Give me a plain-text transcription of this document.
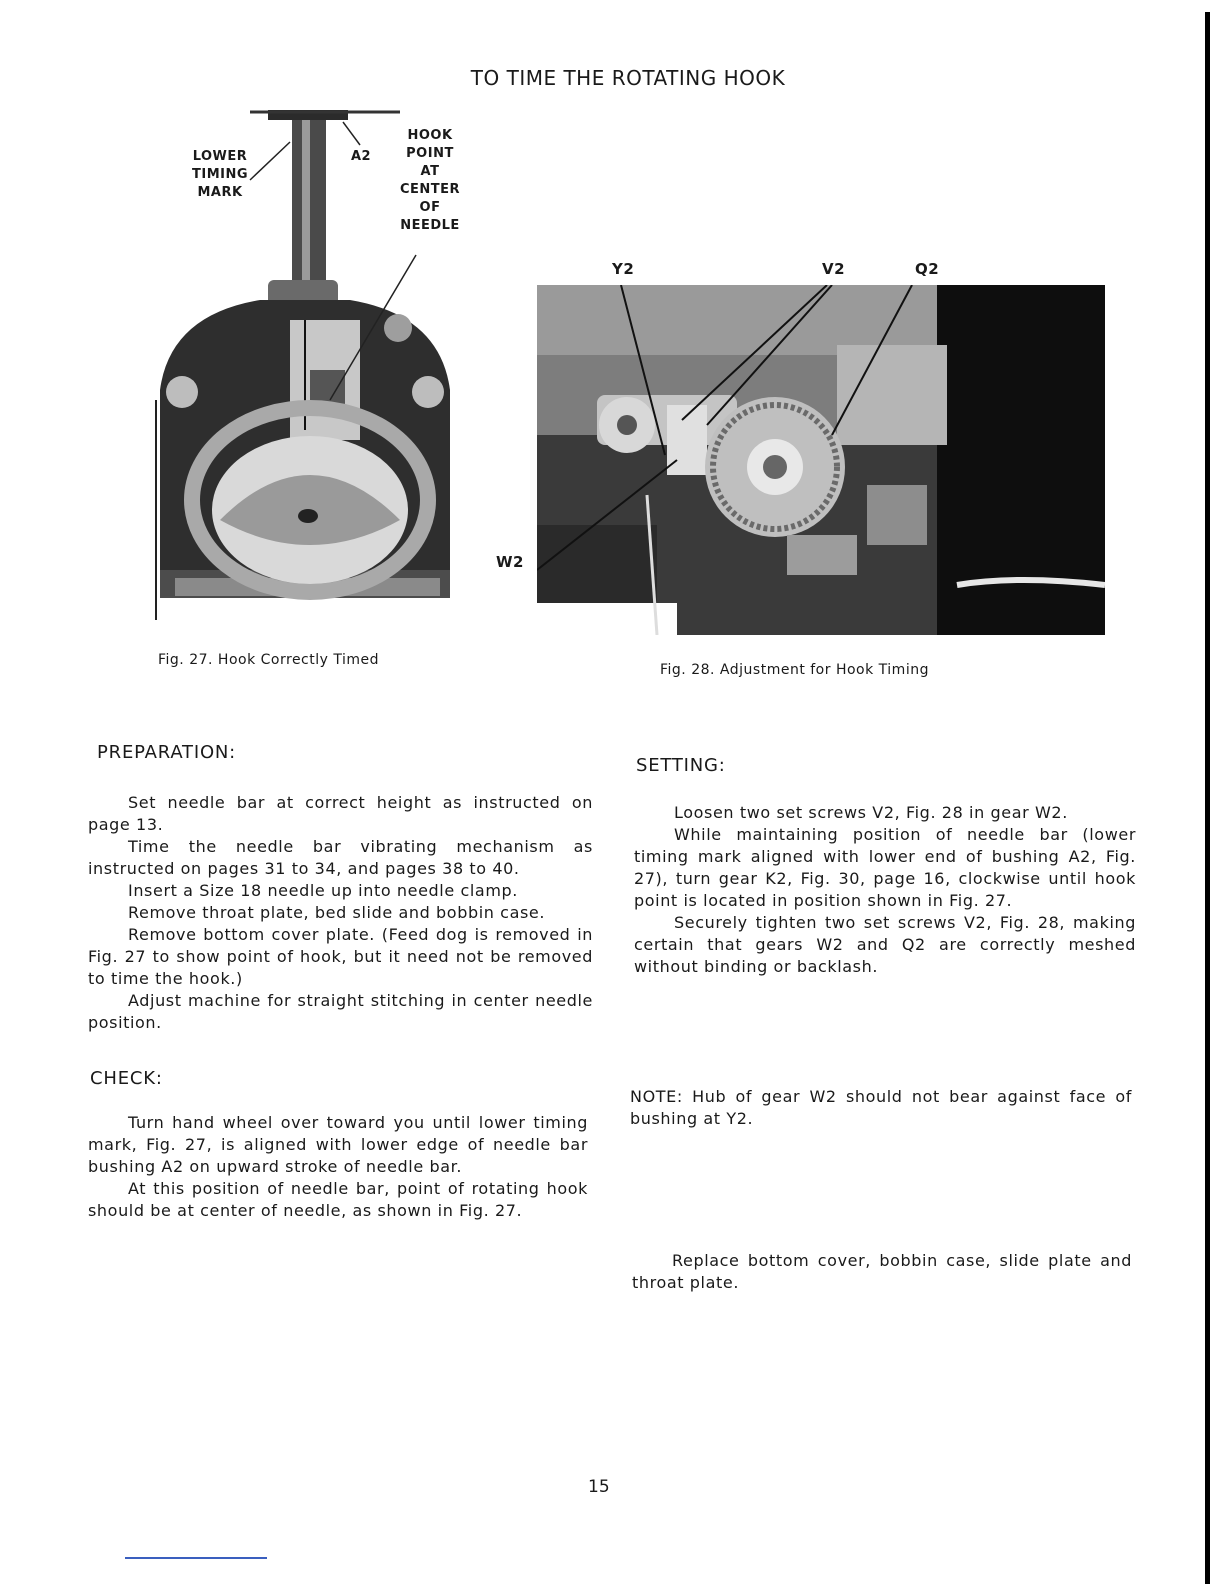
TO TIME THE ROTATING HOOK
LOWER
TIMING
MARK
A2
HOOK
POINT
AT
CENTER
OF
NEEDLE
Fig. 27. Hook Correctly Timed
Y2	V2	Q2
W2
Fig. 28. Adjustment for Hook Timing
PREPARATION:

Set needle bar at correct height as instructed on page 13.

Time the needle bar vibrating mechanism as instructed on pages 31 to 34, and pages 38 to 40.

Insert a Size 18 needle up into needle clamp.

Remove throat plate, bed slide and bobbin case.

Remove bottom cover plate. (Feed dog is removed in Fig. 27 to show point of hook, but it need not be removed to time the hook.)

Adjust machine for straight stitching in center needle position.

CHECK:

Turn hand wheel over toward you until lower timing mark, Fig. 27, is aligned with lower edge of needle bar bushing A2 on upward stroke of needle bar.

At this position of needle bar, point of rotating hook should be at center of needle, as shown in Fig. 27.

SETTING:

Loosen two set screws V2, Fig. 28 in gear W2.

While maintaining position of needle bar (lower timing mark aligned with lower end of bushing A2, Fig. 27), turn gear K2, Fig. 30, page 16, clockwise until hook point is located in position shown in Fig. 27.

Securely tighten two set screws V2, Fig. 28, making certain that gears W2 and Q2 are correctly meshed without binding or backlash.

NOTE: Hub of gear W2 should not bear against face of bushing at Y2.

Replace bottom cover, bobbin case, slide plate and throat plate.

15
